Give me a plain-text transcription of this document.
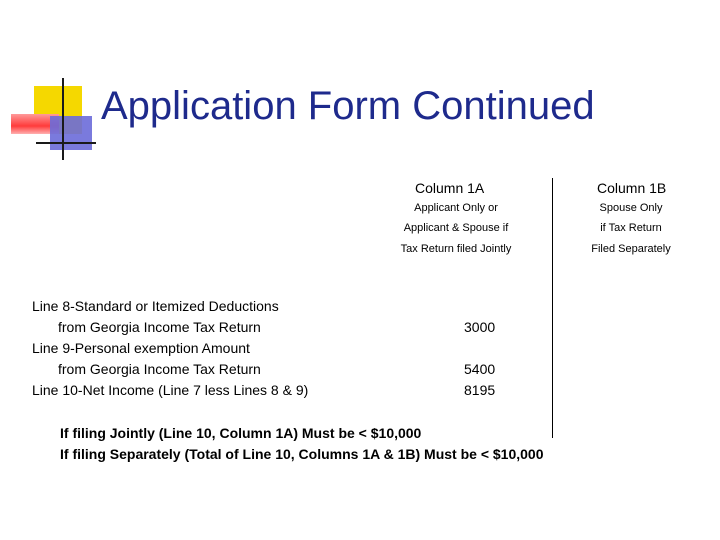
Application Form Continued
Column 1A
Applicant Only or
Applicant & Spouse if
Tax Return filed Jointly
Column 1B
Spouse Only
if Tax Return
Filed Separately
Line 8-Standard or Itemized Deductions
from Georgia Income Tax Return	3000
Line 9-Personal exemption Amount
from Georgia Income Tax Return	5400
Line 10-Net Income (Line 7 less Lines 8 & 9)	8195
If filing Jointly (Line 10, Column 1A) Must be < $10,000
If filing Separately (Total of Line 10, Columns 1A & 1B) Must be < $10,000
